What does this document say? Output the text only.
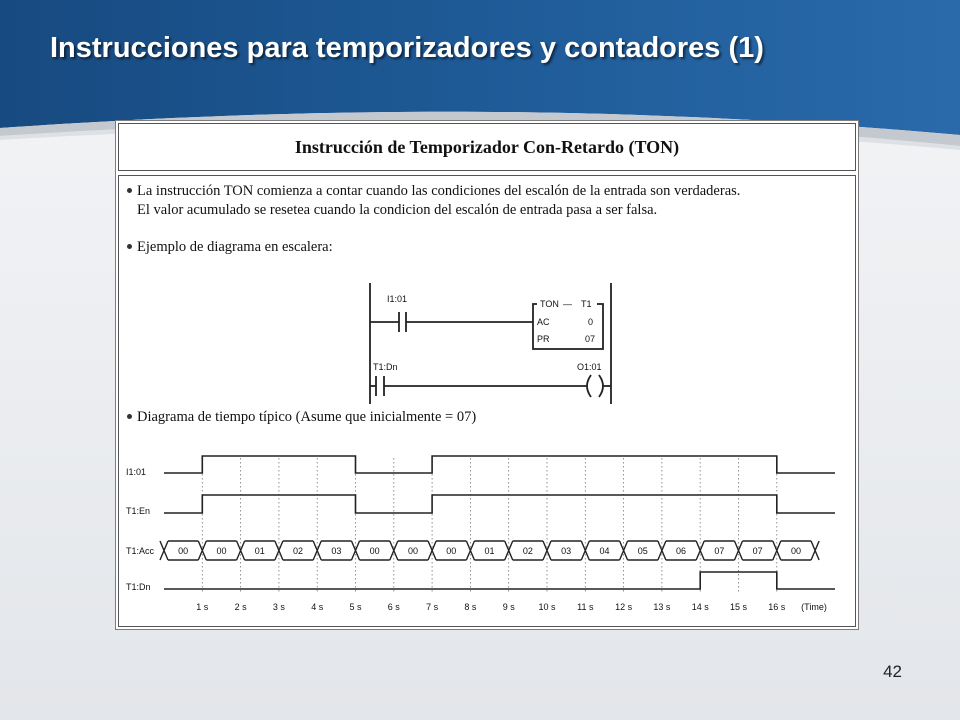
Instrucciones para temporizadores y contadores (1)
Instrucción de Temporizador Con-Retardo (TON)
La instrucción TON comienza a contar cuando las condiciones del escalón de la entrada son verdaderas.
El valor acumulado se resetea cuando la condicion del escalón de entrada pasa a ser falsa.
Ejemplo de diagrama en escalera:
I1:01	TON — T1
AC	0
PR	07
T1:Dn	O1:01
Diagrama de tiempo típico (Asume que inicialmente = 07)
I1:01
T1:En
T1:Acc
T1:Dn
00	00	01	02	03	00	00	00	01	02	03	04	05	06	07	07	00
1 s	2 s	3 s	4 s	5 s	6 s	7 s	8 s	9 s	10 s 11 s 12 s 13 s 14 s 15 s 16 s (Time)
42
